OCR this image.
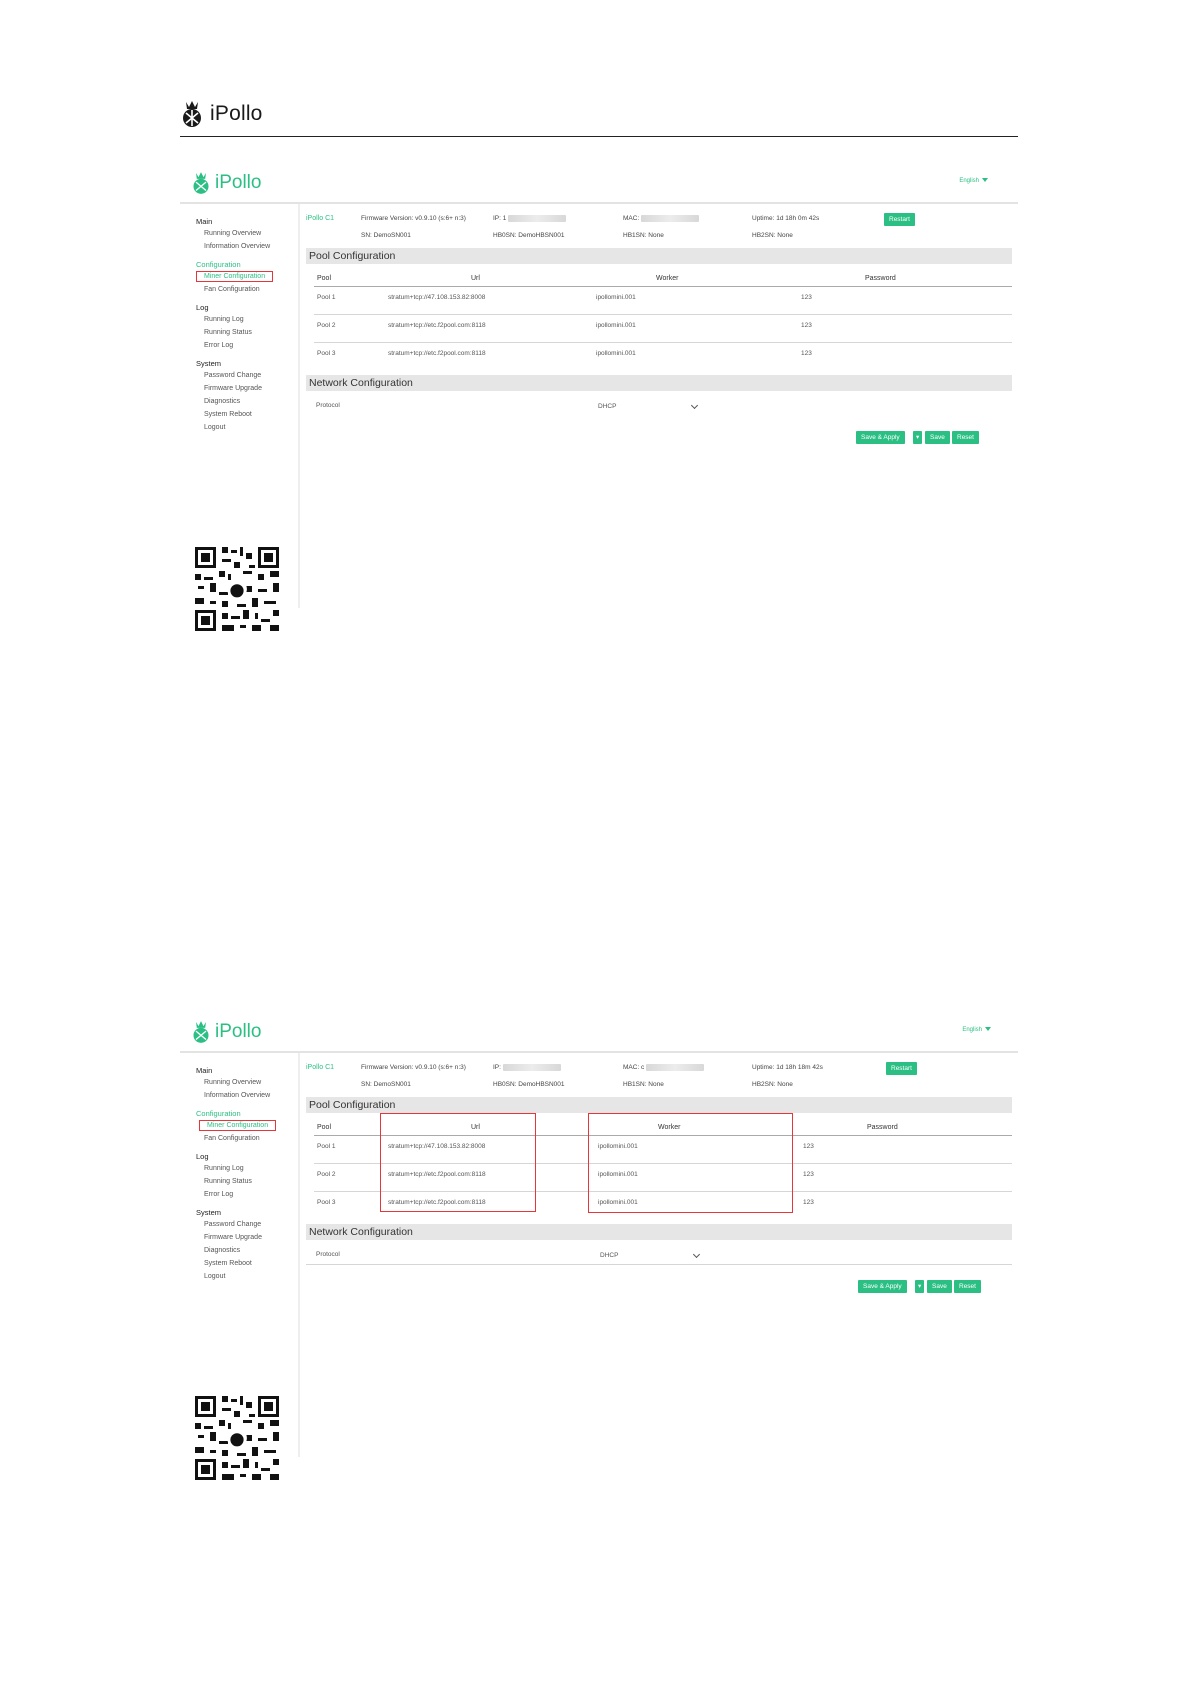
iPollo
iPollo	English
Main
Running Overview
Information Overview
Configuration
Miner Configuration
Fan Configuration
Log
Running Log
Running Status
Error Log
System
Password Change
Firmware Upgrade
Diagnostics
System Reboot
Logout
iPollo C1	Firmware Version: v0.9.10 (s:6+ n:3)	IP: 1	MAC:	Uptime: 1d 18h 0m 42s	Restart
SN: DemoSN001	HB0SN: DemoHBSN001	HB1SN: None	HB2SN: None
Pool Configuration
Pool	Url	Worker	Password
Pool 1	stratum+tcp://47.108.153.82:8008	ipollomini.001	123
Pool 2	stratum+tcp://etc.f2pool.com:8118	ipollomini.001	123
Pool 3	stratum+tcp://etc.f2pool.com:8118	ipollomini.001	123
Network Configuration
Protocol	DHCP
Save & Apply	▾	Save	Reset
iPollo	English
Main
Running Overview
Information Overview
Configuration
Miner Configuration
Fan Configuration
Log
Running Log
Running Status
Error Log
System
Password Change
Firmware Upgrade
Diagnostics
System Reboot
Logout
iPollo C1	Firmware Version: v0.9.10 (s:6+ n:3)	IP:	MAC: c	Uptime: 1d 18h 18m 42s	Restart
SN: DemoSN001	HB0SN: DemoHBSN001	HB1SN: None	HB2SN: None
Pool Configuration
Pool	Url	Worker	Password
Pool 1	stratum+tcp://47.108.153.82:8008	ipollomini.001	123
Pool 2	stratum+tcp://etc.f2pool.com:8118	ipollomini.001	123
Pool 3	stratum+tcp://etc.f2pool.com:8118	ipollomini.001	123
Network Configuration
Protocol	DHCP
Save & Apply	▾	Save	Reset
